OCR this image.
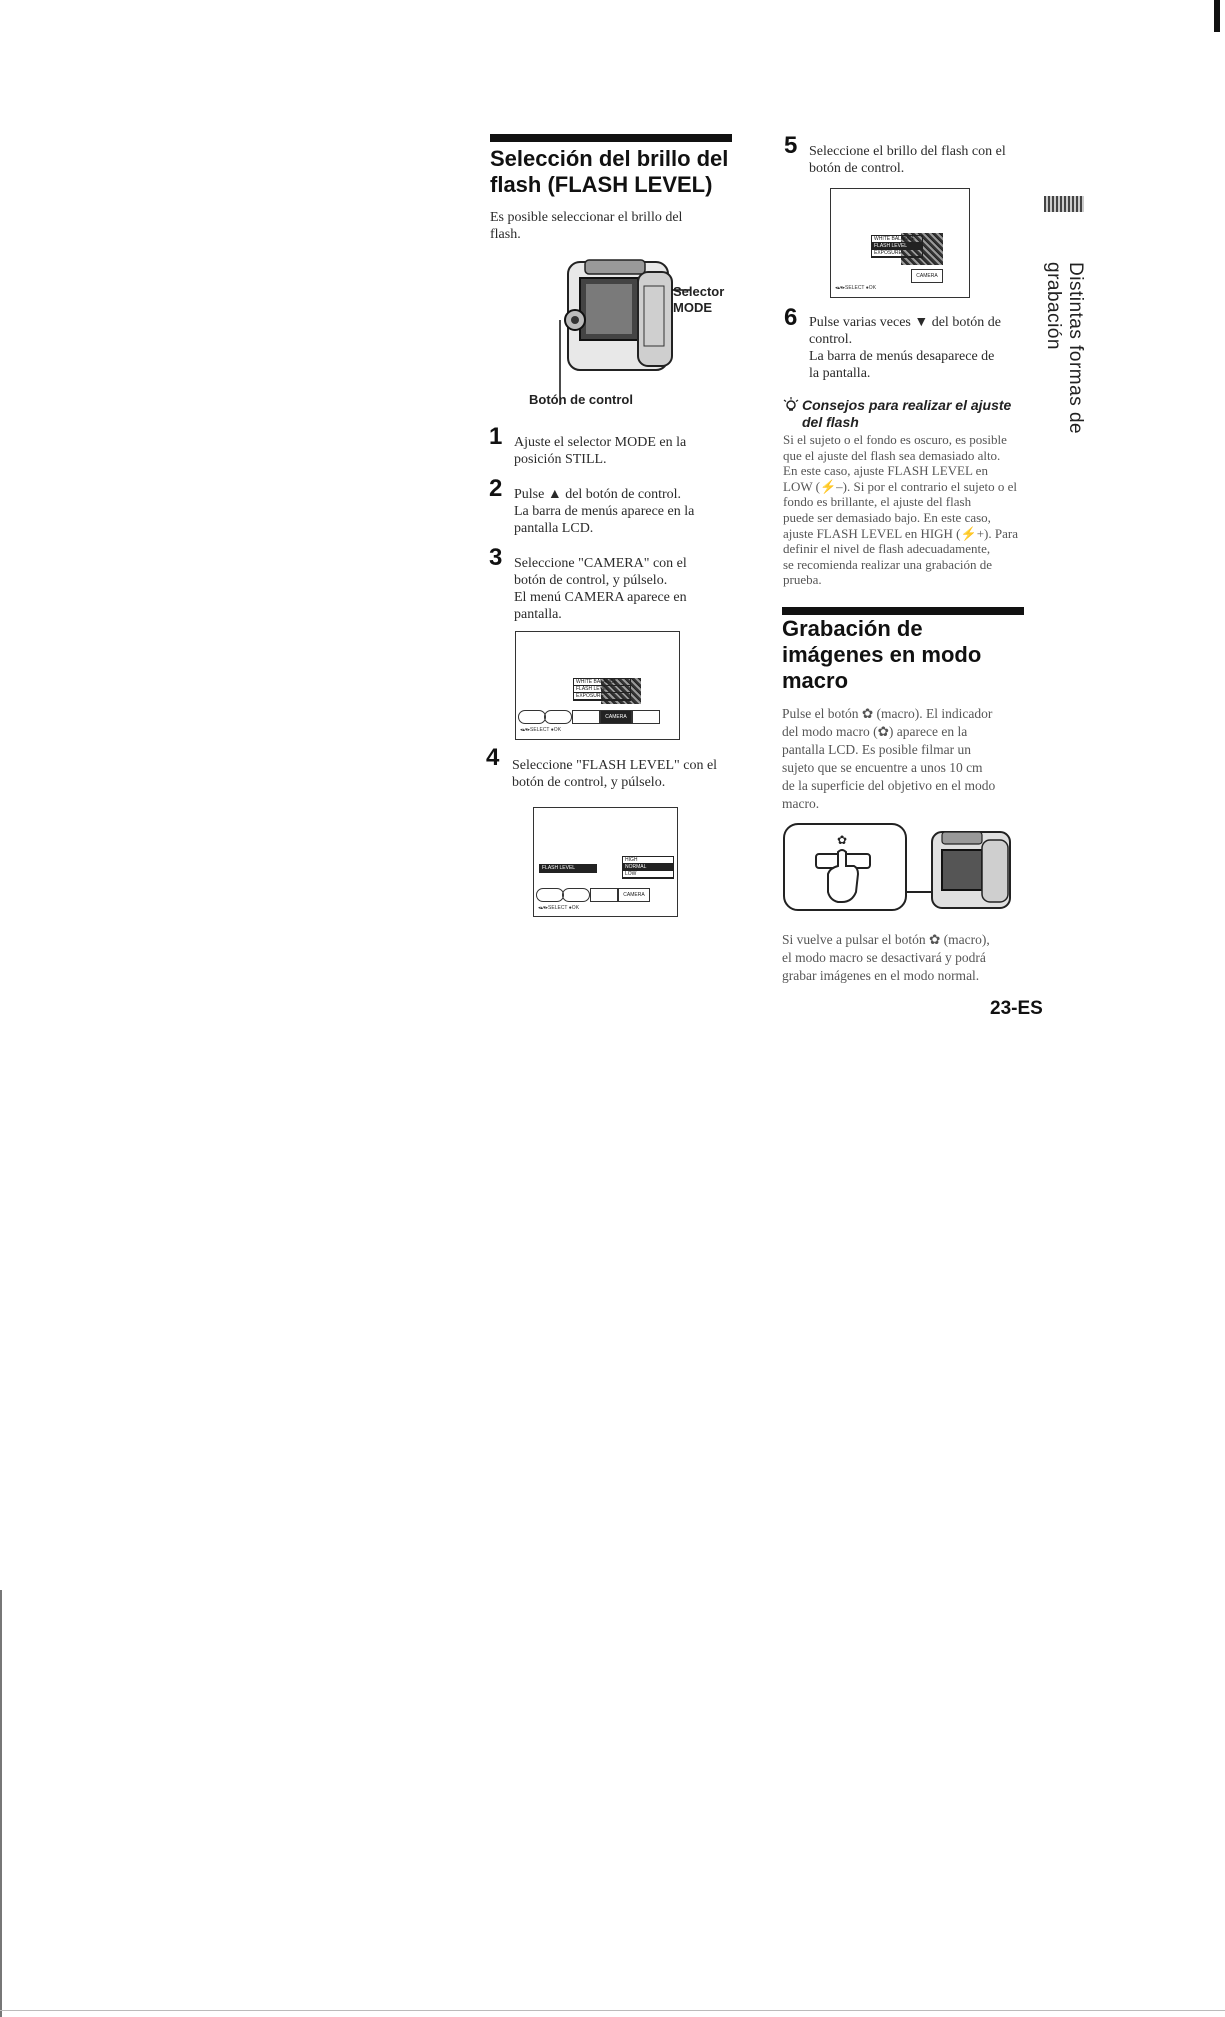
Selección del brillo del
flash (FLASH LEVEL)
Es posible seleccionar el brillo del
flash.
Selector
MODE
Botón de control
1 Ajuste el selector MODE en la
posición STILL.
2 Pulse ▲ del botón de control.
La barra de menús aparece en la
pantalla LCD.
3 Seleccione "CAMERA" con el
botón de control, y púlselo.
El menú CAMERA aparece en
pantalla.
WHITE BALANCE
FLASH LEVEL
EXPOSURE
CAMERA
◂▴▾▸SELECT ●OK
4 Seleccione "FLASH LEVEL" con el
botón de control, y púlselo.
FLASH LEVEL
HIGH
NORMAL
LOW
CAMERA
◂▴▾▸SELECT ●OK
5 Seleccione el brillo del flash con el
botón de control.
WHITE BALANCE
FLASH LEVEL
EXPOSURE
CAMERA
◂▴▾▸SELECT ●OK
6 Pulse varias veces ▼ del botón de
control.
La barra de menús desaparece de
la pantalla.
Consejos para realizar el ajuste
del flash
Si el sujeto o el fondo es oscuro, es posible
que el ajuste del flash sea demasiado alto.
En este caso, ajuste FLASH LEVEL en
LOW (⚡–). Si por el contrario el sujeto o el
fondo es brillante, el ajuste del flash
puede ser demasiado bajo. En este caso,
ajuste FLASH LEVEL en HIGH (⚡+). Para
definir el nivel de flash adecuadamente,
se recomienda realizar una grabación de
prueba.
Grabación de
imágenes en modo
macro
Pulse el botón ✿ (macro). El indicador
del modo macro (✿) aparece en la
pantalla LCD. Es posible filmar un
sujeto que se encuentre a unos 10 cm
de la superficie del objetivo en el modo
macro.
✿
Si vuelve a pulsar el botón ✿ (macro),
el modo macro se desactivará y podrá
grabar imágenes en el modo normal.
23-ES
Distintas formas de grabación
